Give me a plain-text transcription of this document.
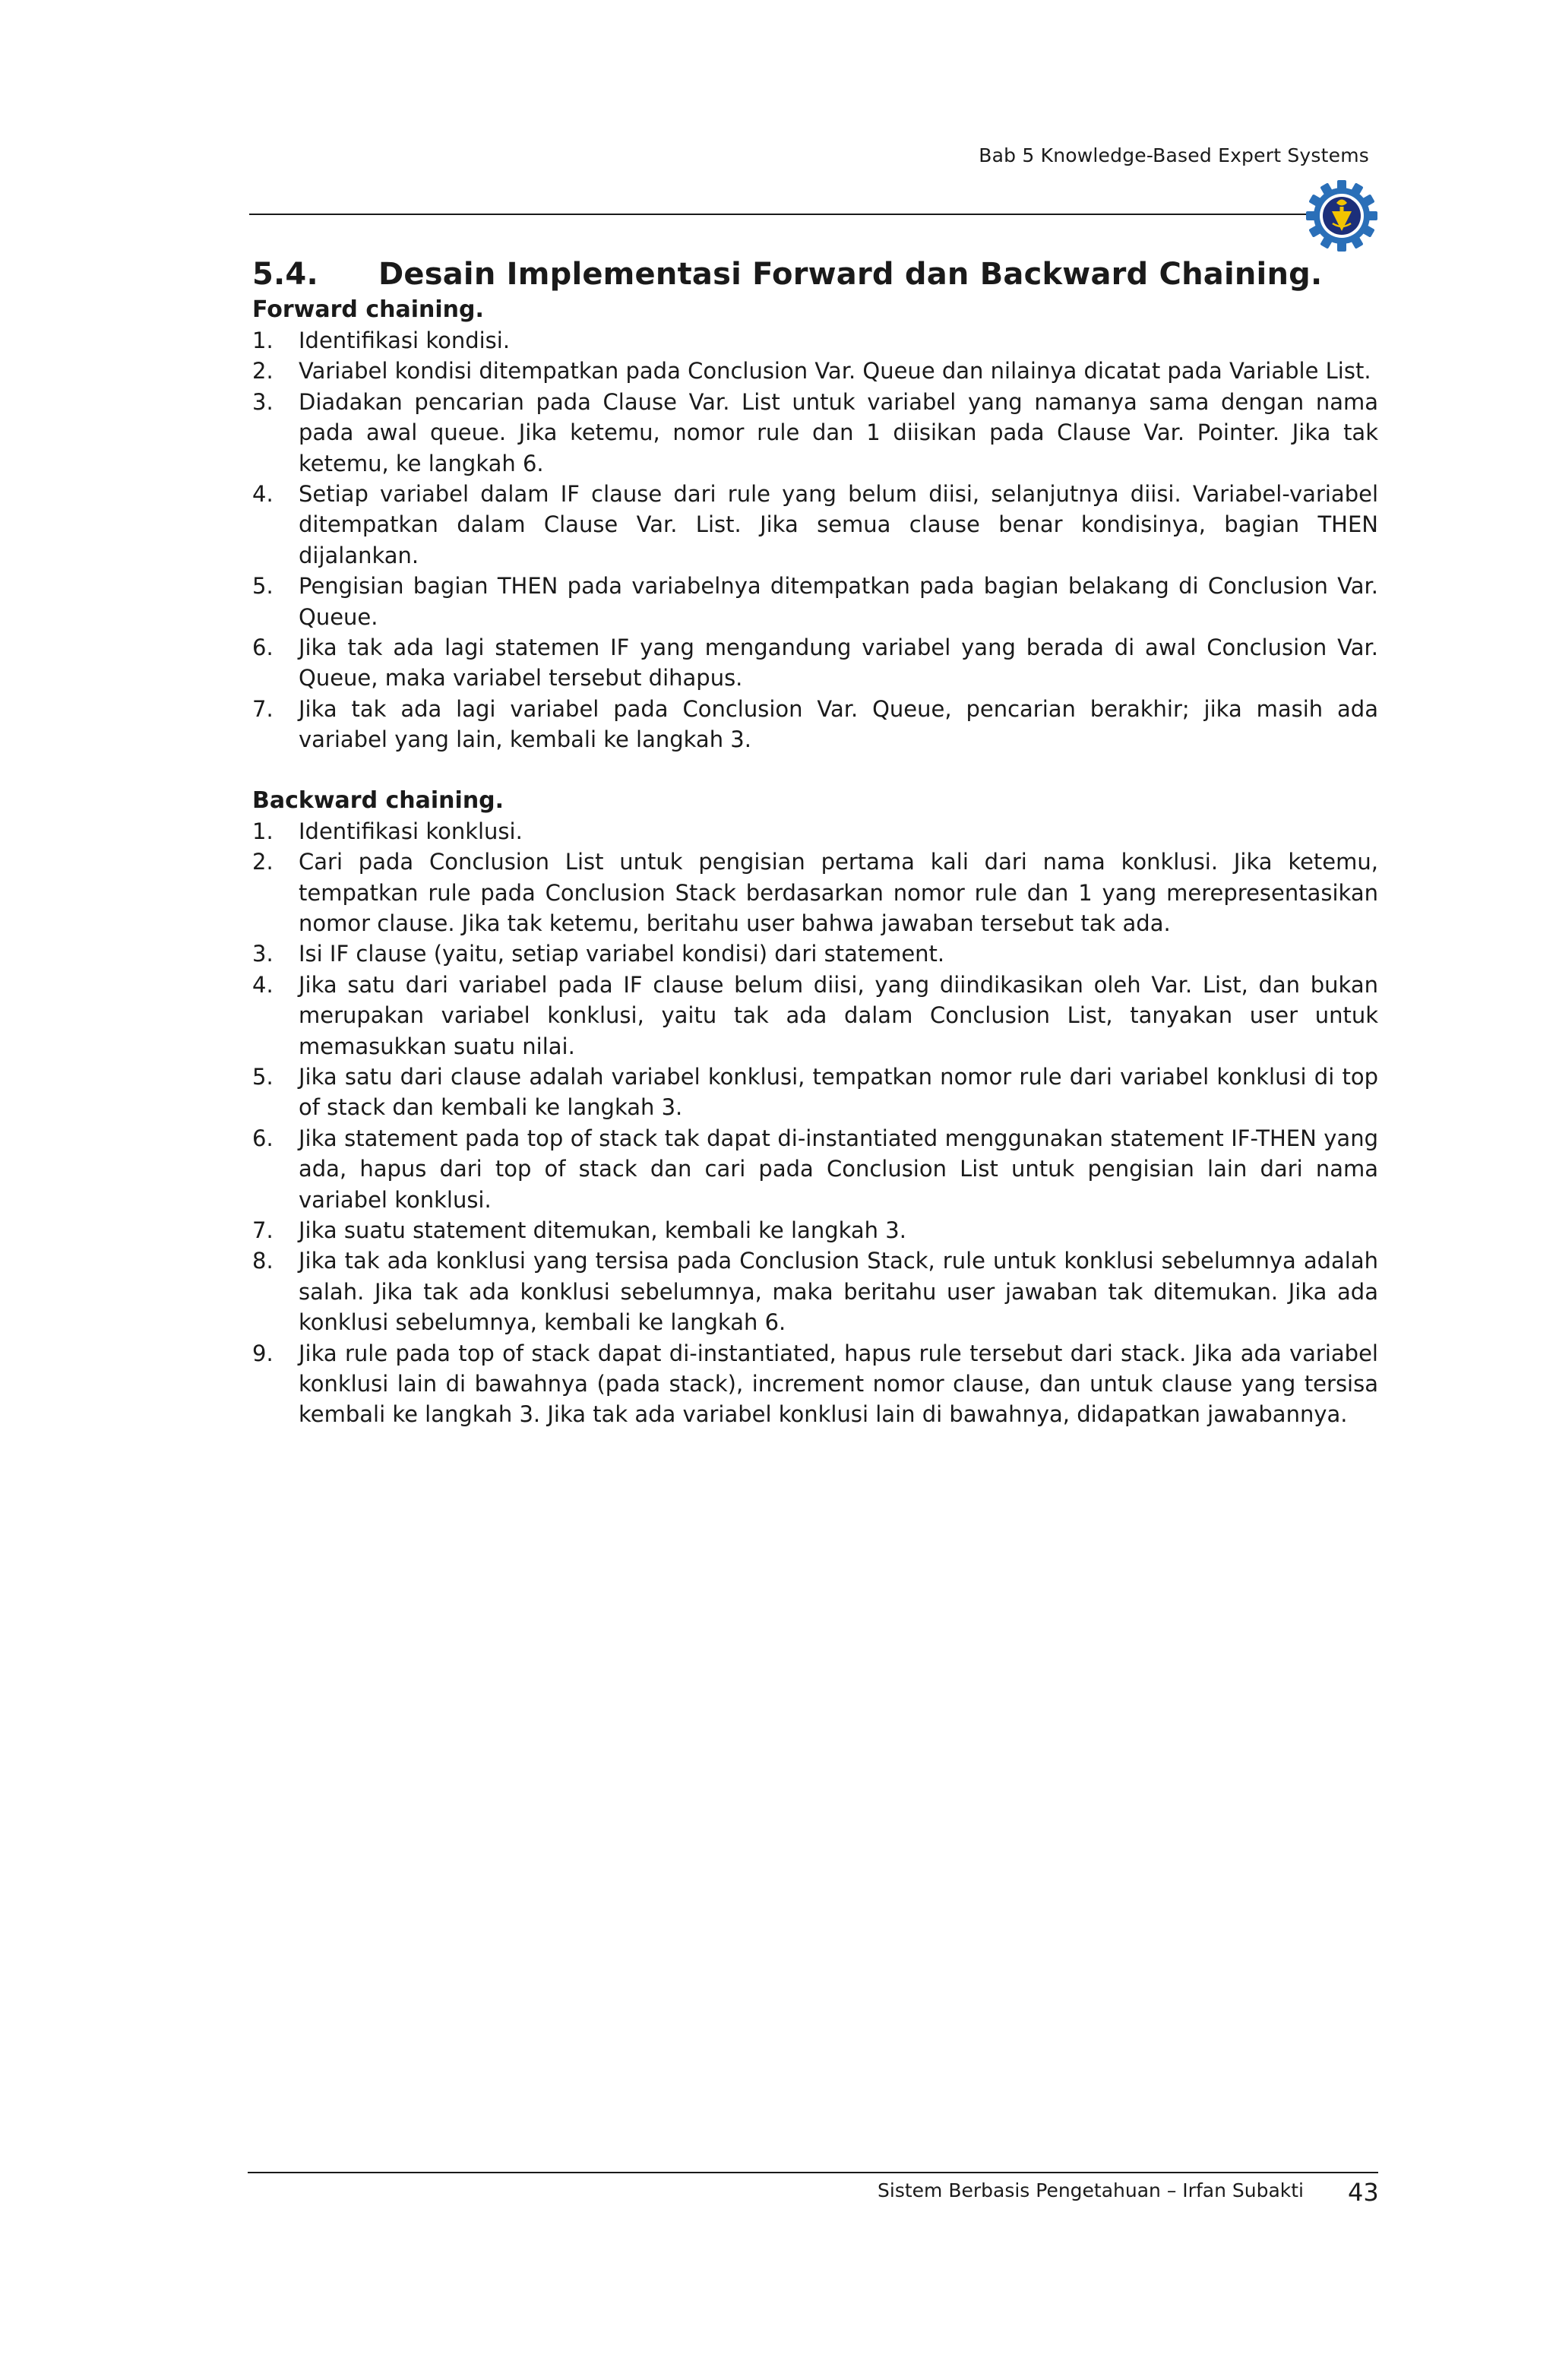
Bab 5 Knowledge-Based Expert Systems
5.4.	Desain Implementasi Forward dan Backward Chaining.
Forward chaining.
1.	Identifikasi kondisi.
2.	Variabel kondisi ditempatkan pada Conclusion Var. Queue dan nilainya dicatat pada Variable List.
3.	Diadakan pencarian pada Clause Var. List untuk variabel yang namanya sama dengan nama pada awal queue. Jika ketemu, nomor rule dan 1 diisikan pada Clause Var. Pointer. Jika tak ketemu, ke langkah 6.
4.	Setiap variabel dalam IF clause dari rule yang belum diisi, selanjutnya diisi. Variabel-variabel ditempatkan dalam Clause Var. List. Jika semua clause benar kondisinya, bagian THEN dijalankan.
5.	Pengisian bagian THEN pada variabelnya ditempatkan pada bagian belakang di Conclusion Var. Queue.
6.	Jika tak ada lagi statemen IF yang mengandung variabel yang berada di awal Conclusion Var. Queue, maka variabel tersebut dihapus.
7.	Jika tak ada lagi variabel pada Conclusion Var. Queue, pencarian berakhir; jika masih ada variabel yang lain, kembali ke langkah 3.
Backward chaining.
1.	Identifikasi konklusi.
2.	Cari pada Conclusion List untuk pengisian pertama kali dari nama konklusi. Jika ketemu, tempatkan rule pada Conclusion Stack berdasarkan nomor rule dan 1 yang merepresentasikan nomor clause. Jika tak ketemu, beritahu user bahwa jawaban tersebut tak ada.
3.	Isi IF clause (yaitu, setiap variabel kondisi) dari statement.
4.	Jika satu dari variabel pada IF clause belum diisi, yang diindikasikan oleh Var. List, dan bukan merupakan variabel konklusi, yaitu tak ada dalam Conclusion List, tanyakan user untuk memasukkan suatu nilai.
5.	Jika satu dari clause adalah variabel konklusi, tempatkan nomor rule dari variabel konklusi di top of stack dan kembali ke langkah 3.
6.	Jika statement pada top of stack tak dapat di-instantiated menggunakan statement IF-THEN yang ada, hapus dari top of stack dan cari pada Conclusion List untuk pengisian lain dari nama variabel konklusi.
7.	Jika suatu statement ditemukan, kembali ke langkah 3.
8.	Jika tak ada konklusi yang tersisa pada Conclusion Stack, rule untuk konklusi sebelumnya adalah salah. Jika tak ada konklusi sebelumnya, maka beritahu user jawaban tak ditemukan. Jika ada konklusi sebelumnya, kembali ke langkah 6.
9.	Jika rule pada top of stack dapat di-instantiated, hapus rule tersebut dari stack. Jika ada variabel konklusi lain di bawahnya (pada stack), increment nomor clause, dan untuk clause yang tersisa kembali ke langkah 3. Jika tak ada variabel konklusi lain di bawahnya, didapatkan jawabannya.
Sistem Berbasis Pengetahuan – Irfan Subakti 43
